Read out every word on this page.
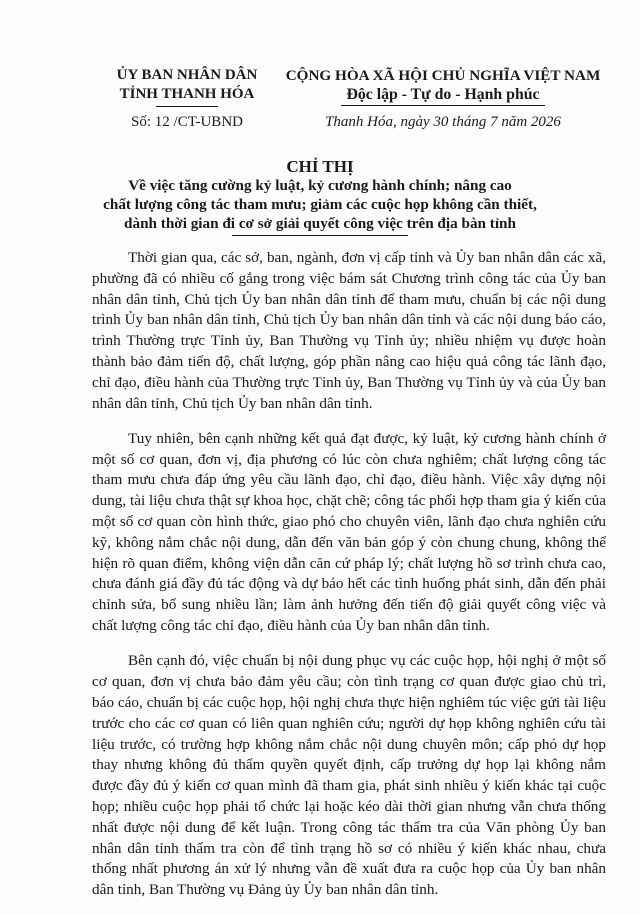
ỦY BAN NHÂN DÂN
TỈNH THANH HÓA
CỘNG HÒA XÃ HỘI CHỦ NGHĨA VIỆT NAM
Độc lập - Tự do - Hạnh phúc
Số: 12 /CT-UBND	Thanh Hóa, ngày 30 tháng 7 năm 2026
CHỈ THỊ
Về việc tăng cường kỷ luật, kỷ cương hành chính; nâng cao
chất lượng công tác tham mưu; giảm các cuộc họp không cần thiết,
dành thời gian đi cơ sở giải quyết công việc trên địa bàn tỉnh

Thời gian qua, các sở, ban, ngành, đơn vị cấp tỉnh và Ủy ban nhân dân các xã, phường đã có nhiều cố gắng trong việc bám sát Chương trình công tác của Ủy ban nhân dân tỉnh, Chủ tịch Ủy ban nhân dân tỉnh để tham mưu, chuẩn bị các nội dung trình Ủy ban nhân dân tỉnh, Chủ tịch Ủy ban nhân dân tỉnh và các nội dung báo cáo, trình Thường trực Tỉnh ủy, Ban Thường vụ Tỉnh ủy; nhiều nhiệm vụ được hoàn thành bảo đảm tiến độ, chất lượng, góp phần nâng cao hiệu quả công tác lãnh đạo, chỉ đạo, điều hành của Thường trực Tỉnh ủy, Ban Thường vụ Tỉnh ủy và của Ủy ban nhân dân tỉnh, Chủ tịch Ủy ban nhân dân tỉnh.

Tuy nhiên, bên cạnh những kết quả đạt được, kỷ luật, kỷ cương hành chính ở một số cơ quan, đơn vị, địa phương có lúc còn chưa nghiêm; chất lượng công tác tham mưu chưa đáp ứng yêu cầu lãnh đạo, chỉ đạo, điều hành. Việc xây dựng nội dung, tài liệu chưa thật sự khoa học, chặt chẽ; công tác phối hợp tham gia ý kiến của một số cơ quan còn hình thức, giao phó cho chuyên viên, lãnh đạo chưa nghiên cứu kỹ, không nắm chắc nội dung, dẫn đến văn bản góp ý còn chung chung, không thể hiện rõ quan điểm, không viện dẫn căn cứ pháp lý; chất lượng hồ sơ trình chưa cao, chưa đánh giá đầy đủ tác động và dự báo hết các tình huống phát sinh, dẫn đến phải chỉnh sửa, bổ sung nhiều lần; làm ảnh hưởng đến tiến độ giải quyết công việc và chất lượng công tác chỉ đạo, điều hành của Ủy ban nhân dân tỉnh.

Bên cạnh đó, việc chuẩn bị nội dung phục vụ các cuộc họp, hội nghị ở một số cơ quan, đơn vị chưa bảo đảm yêu cầu; còn tình trạng cơ quan được giao chủ trì, báo cáo, chuẩn bị các cuộc họp, hội nghị chưa thực hiện nghiêm túc việc gửi tài liệu trước cho các cơ quan có liên quan nghiên cứu; người dự họp không nghiên cứu tài liệu trước, có trường hợp không nắm chắc nội dung chuyên môn; cấp phó dự họp thay nhưng không đủ thẩm quyền quyết định, cấp trưởng dự họp lại không nắm được đầy đủ ý kiến cơ quan mình đã tham gia, phát sinh nhiều ý kiến khác tại cuộc họp; nhiều cuộc họp phải tổ chức lại hoặc kéo dài thời gian nhưng vẫn chưa thống nhất được nội dung để kết luận. Trong công tác thẩm tra của Văn phòng Ủy ban nhân dân tỉnh thẩm tra còn để tình trạng hồ sơ có nhiều ý kiến khác nhau, chưa thống nhất phương án xử lý nhưng vẫn đề xuất đưa ra cuộc họp của Ủy ban nhân dân tỉnh, Ban Thường vụ Đảng ủy Ủy ban nhân dân tỉnh.
